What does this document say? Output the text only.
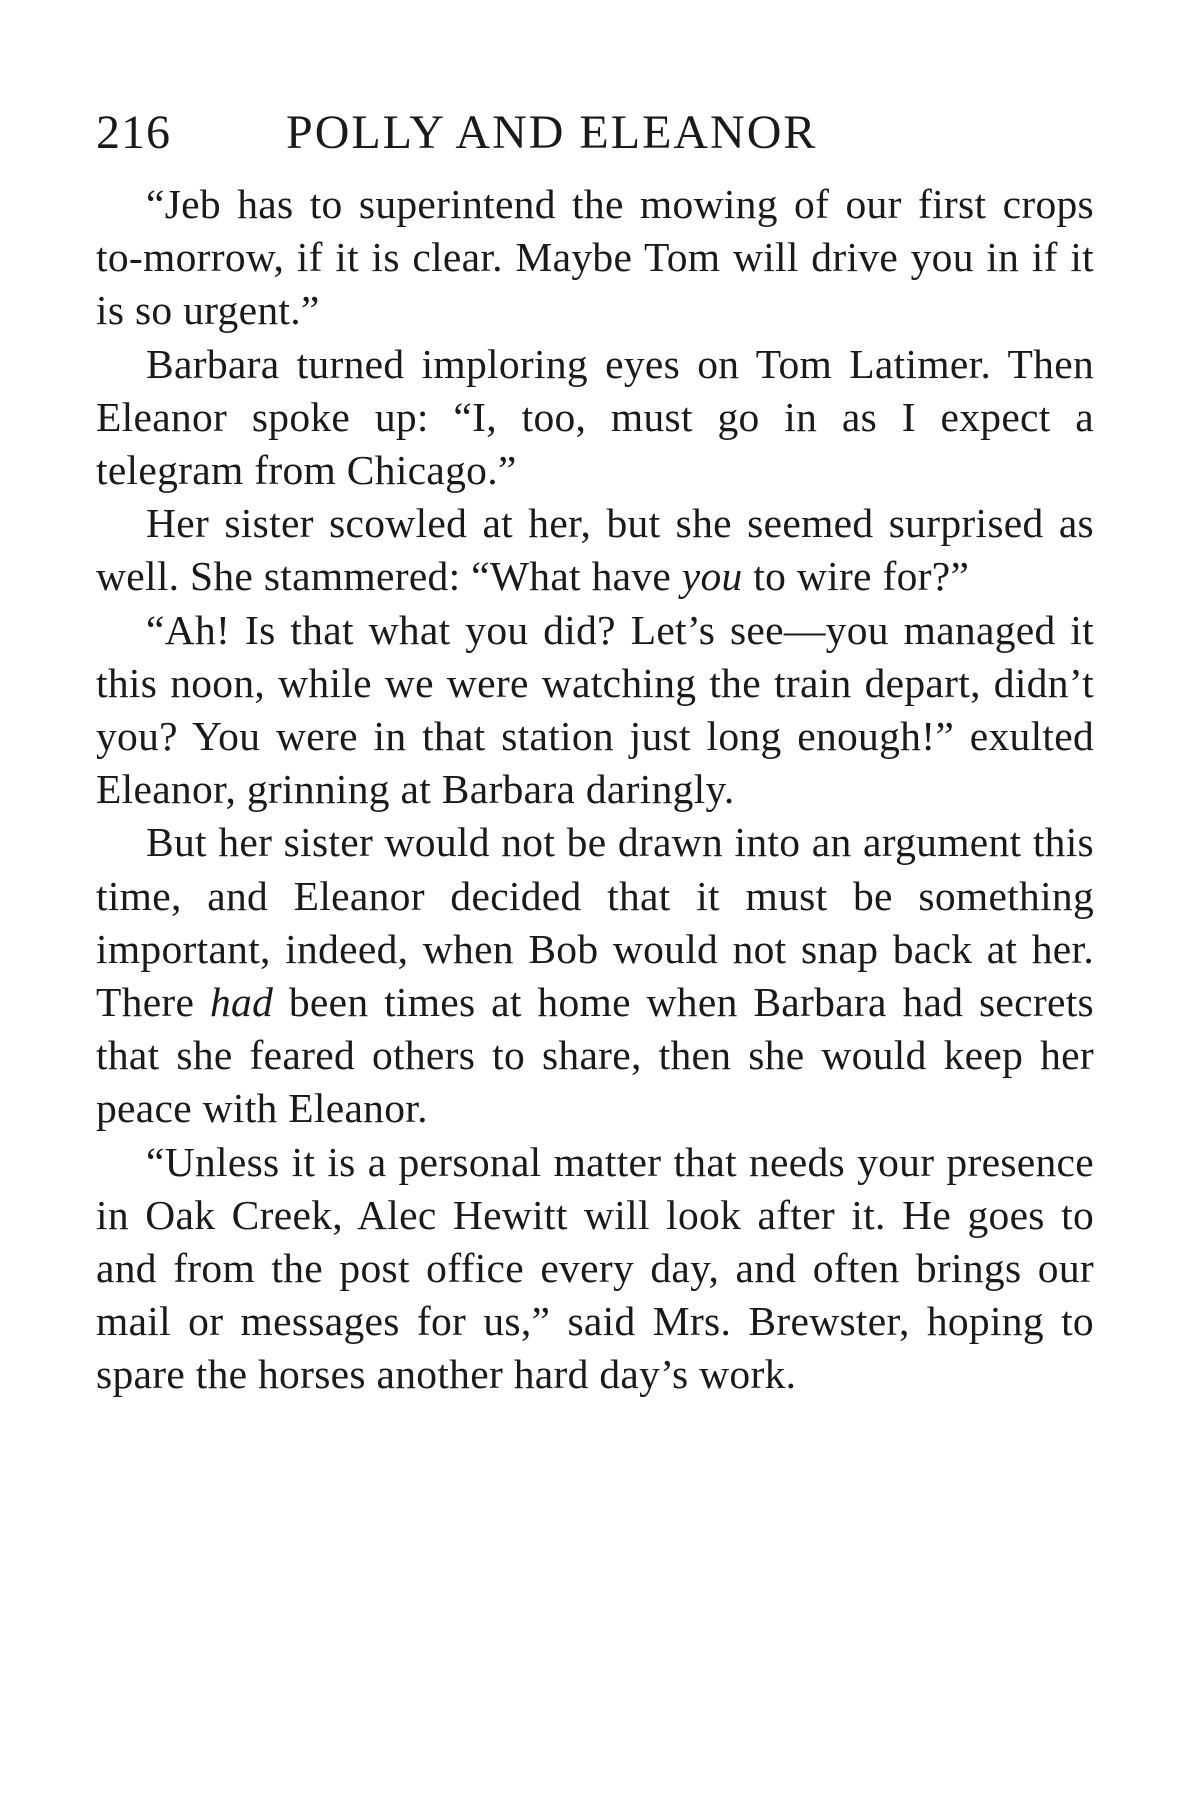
216	POLLY AND ELEANOR

“Jeb has to superintend the mowing of our first crops to-morrow, if it is clear. Maybe Tom will drive you in if it is so urgent.”

Barbara turned imploring eyes on Tom Latimer. Then Eleanor spoke up: “I, too, must go in as I expect a telegram from Chicago.”

Her sister scowled at her, but she seemed surprised as well. She stammered: “What have you to wire for?”

“Ah! Is that what you did? Let’s see—you managed it this noon, while we were watching the train depart, didn’t you? You were in that station just long enough!” exulted Eleanor, grinning at Barbara daringly.

But her sister would not be drawn into an argument this time, and Eleanor decided that it must be something important, indeed, when Bob would not snap back at her. There had been times at home when Barbara had secrets that she feared others to share, then she would keep her peace with Eleanor.

“Unless it is a personal matter that needs your presence in Oak Creek, Alec Hewitt will look after it. He goes to and from the post office every day, and often brings our mail or messages for us,” said Mrs. Brewster, hoping to spare the horses another hard day’s work.
